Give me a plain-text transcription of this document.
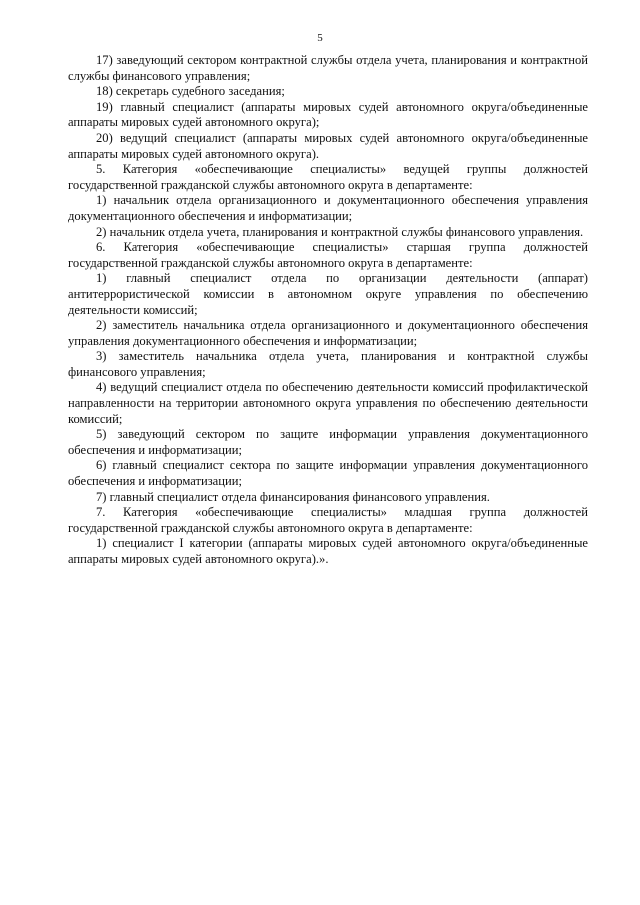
5

17) заведующий сектором контрактной службы отдела учета, планирования и контрактной службы финансового управления;

18) секретарь судебного заседания;

19) главный специалист (аппараты мировых судей автономного округа/объединенные аппараты мировых судей автономного округа);

20) ведущий специалист (аппараты мировых судей автономного округа/объединенные аппараты мировых судей автономного округа).

5. Категория «обеспечивающие специалисты» ведущей группы должностей государственной гражданской службы автономного округа в департаменте:

1) начальник отдела организационного и документационного обеспечения управления документационного обеспечения и информатизации;

2) начальник отдела учета, планирования и контрактной службы финансового управления.

6. Категория «обеспечивающие специалисты» старшая группа должностей государственной гражданской службы автономного округа в департаменте:

1) главный специалист отдела по организации деятельности (аппарат) антитеррористической комиссии в автономном округе управления по обеспечению деятельности комиссий;

2) заместитель начальника отдела организационного и документационного обеспечения управления документационного обеспечения и информатизации;

3) заместитель начальника отдела учета, планирования и контрактной службы финансового управления;

4) ведущий специалист отдела по обеспечению деятельности комиссий профилактической направленности на территории автономного округа управления по обеспечению деятельности комиссий;

5) заведующий сектором по защите информации управления документационного обеспечения и информатизации;

6) главный специалист сектора по защите информации управления документационного обеспечения и информатизации;

7) главный специалист отдела финансирования финансового управления.

7. Категория «обеспечивающие специалисты» младшая группа должностей государственной гражданской службы автономного округа в департаменте:

1) специалист I категории (аппараты мировых судей автономного округа/объединенные аппараты мировых судей автономного округа).».
